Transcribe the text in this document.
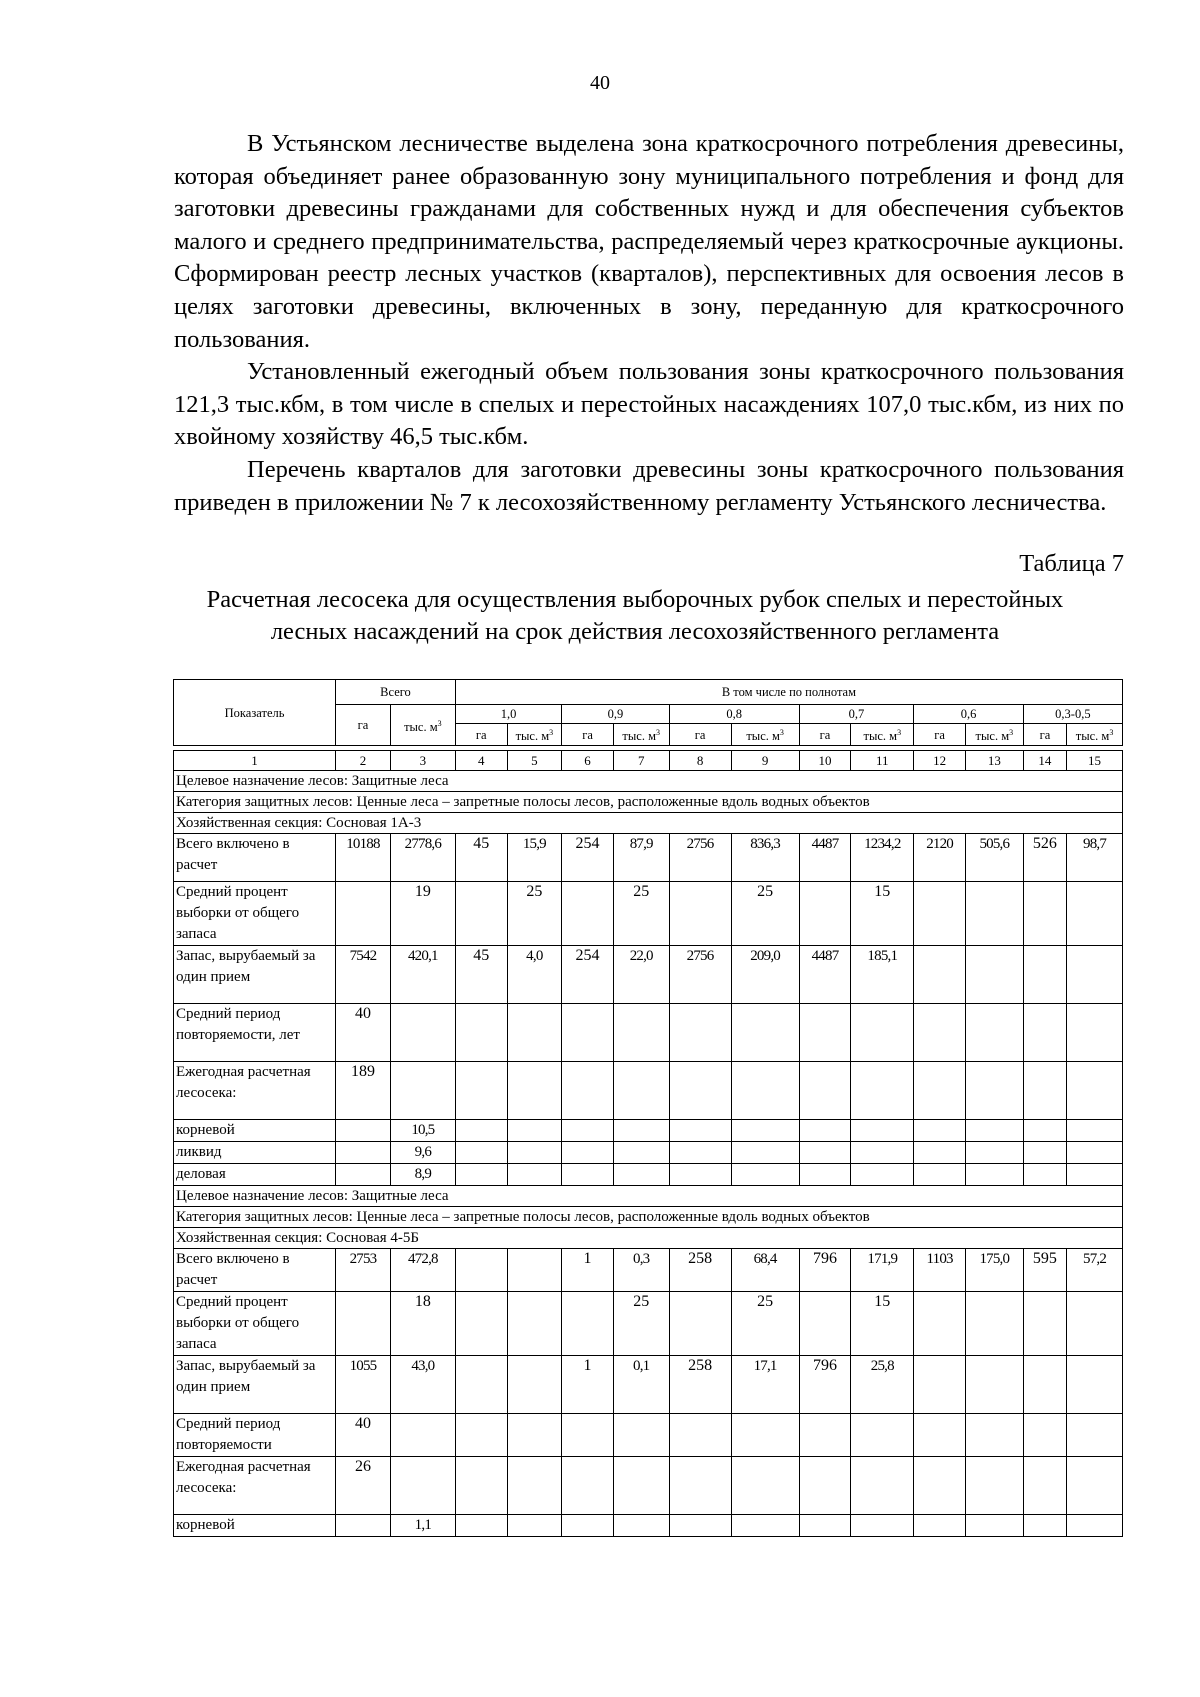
40

В Устьянском лесничестве выделена зона краткосрочного потребления древесины, которая объединяет ранее образованную зону муниципального потребления и фонд для заготовки древесины гражданами для собственных нужд и для обеспечения субъектов малого и среднего предпринимательства, распределяемый через краткосрочные аукционы. Сформирован реестр лесных участков (кварталов), перспективных для освоения лесов в целях заготовки древесины, включенных в зону, переданную для краткосрочного пользования.

Установленный ежегодный объем пользования зоны краткосрочного пользования 121,3 тыс.кбм, в том числе в спелых и перестойных насаждениях 107,0 тыс.кбм, из них по хвойному хозяйству 46,5 тыс.кбм.

Перечень кварталов для заготовки древесины зоны краткосрочного пользования приведен в приложении № 7 к лесохозяйственному регламенту Устьянского лесничества.

Таблица 7
Расчетная лесосека для осуществления выборочных рубок спелых и перестойных лесных насаждений на срок действия лесохозяйственного регламента
Показатель	Всего		В том числе по полнотам											
	га	тыс. $м^3$	1,0		0,9		0,8		0,7		0,6		0,3-0,5	
			га	тыс. $м^3$	га	тыс. $м^3$	га	тыс. $м^3$	га	тыс. $м^3$	га	тыс. $м^3$	га	тыс. $м^3$

1	2	3	4	5	6	7	8	9	10	11	12	13	14	15
Целевое назначение лесов: Защитные леса														
Категория защитных лесов: Ценные леса – запретные полосы лесов, расположенные вдоль водных объектов														
Хозяйственная секция: Сосновая 1А-3														
Всего включено в расчет	10188	2778,6	45	15,9	254	87,9	2756	836,3	4487	1234,2	2120	505,6	526	98,7
Средний процент выборки от общего запаса		19		25		25		25		15				
Запас, вырубаемый за один прием	7542	420,1	45	4,0	254	22,0	2756	209,0	4487	185,1				
Средний период повторяемости, лет	40													
Ежегодная расчетная лесосека:	189													
корневой		10,5												
ликвид		9,6												
деловая		8,9												
Целевое назначение лесов: Защитные леса														
Категория защитных лесов: Ценные леса – запретные полосы лесов, расположенные вдоль водных объектов														
Хозяйственная секция: Сосновая 4-5Б														
Всего включено в расчет	2753	472,8			1	0,3	258	68,4	796	171,9	1103	175,0	595	57,2
Средний процент выборки от общего запаса		18				25		25		15				
Запас, вырубаемый за один прием	1055	43,0			1	0,1	258	17,1	796	25,8				
Средний период повторяемости	40													
Ежегодная расчетная лесосека:	26													
корневой		1,1												
